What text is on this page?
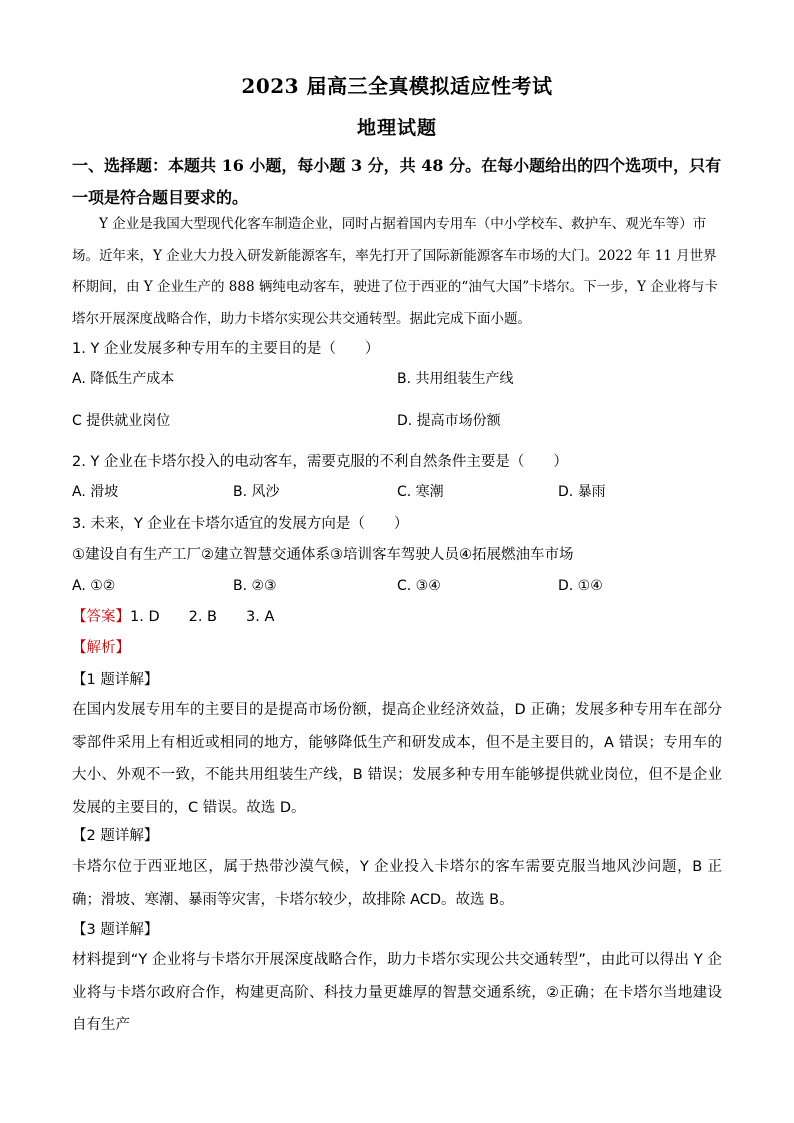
2023 届高三全真模拟适应性考试
地理试题
一、选择题：本题共 16 小题，每小题 3 分，共 48 分。在每小题给出的四个选项中，只有一项是符合题目要求的。
Y 企业是我国大型现代化客车制造企业，同时占据着国内专用车（中小学校车、救护车、观光车等）市场。近年来，Y 企业大力投入研发新能源客车，率先打开了国际新能源客车市场的大门。2022 年 11 月世界杯期间，由 Y 企业生产的 888 辆纯电动客车，驶进了位于西亚的“油气大国”卡塔尔。下一步，Y 企业将与卡塔尔开展深度战略合作，助力卡塔尔实现公共交通转型。据此完成下面小题。
1. Y 企业发展多种专用车的主要目的是（　　）
A. 降低生产成本	B. 共用组装生产线
C 提供就业岗位	D. 提高市场份额
2. Y 企业在卡塔尔投入的电动客车，需要克服的不利自然条件主要是（　　）
A. 滑坡	B. 风沙	C. 寒潮	D. 暴雨
3. 未来，Y 企业在卡塔尔适宜的发展方向是（　　）
①建设自有生产工厂②建立智慧交通体系③培训客车驾驶人员④拓展燃油车市场
A. ①②	B. ②③	C. ③④	D. ①④
【答案】1. D　　2. B　　3. A
【解析】
【1 题详解】
在国内发展专用车的主要目的是提高市场份额，提高企业经济效益，D 正确；发展多种专用车在部分零部件采用上有相近或相同的地方，能够降低生产和研发成本，但不是主要目的，A 错误；专用车的大小、外观不一致，不能共用组装生产线，B 错误；发展多种专用车能够提供就业岗位，但不是企业发展的主要目的，C 错误。故选 D。
【2 题详解】
卡塔尔位于西亚地区，属于热带沙漠气候，Y 企业投入卡塔尔的客车需要克服当地风沙问题，B 正确；滑坡、寒潮、暴雨等灾害，卡塔尔较少，故排除 ACD。故选 B。
【3 题详解】
材料提到“Y 企业将与卡塔尔开展深度战略合作，助力卡塔尔实现公共交通转型”，由此可以得出 Y 企业将与卡塔尔政府合作，构建更高阶、科技力量更雄厚的智慧交通系统，②正确；在卡塔尔当地建设自有生产
